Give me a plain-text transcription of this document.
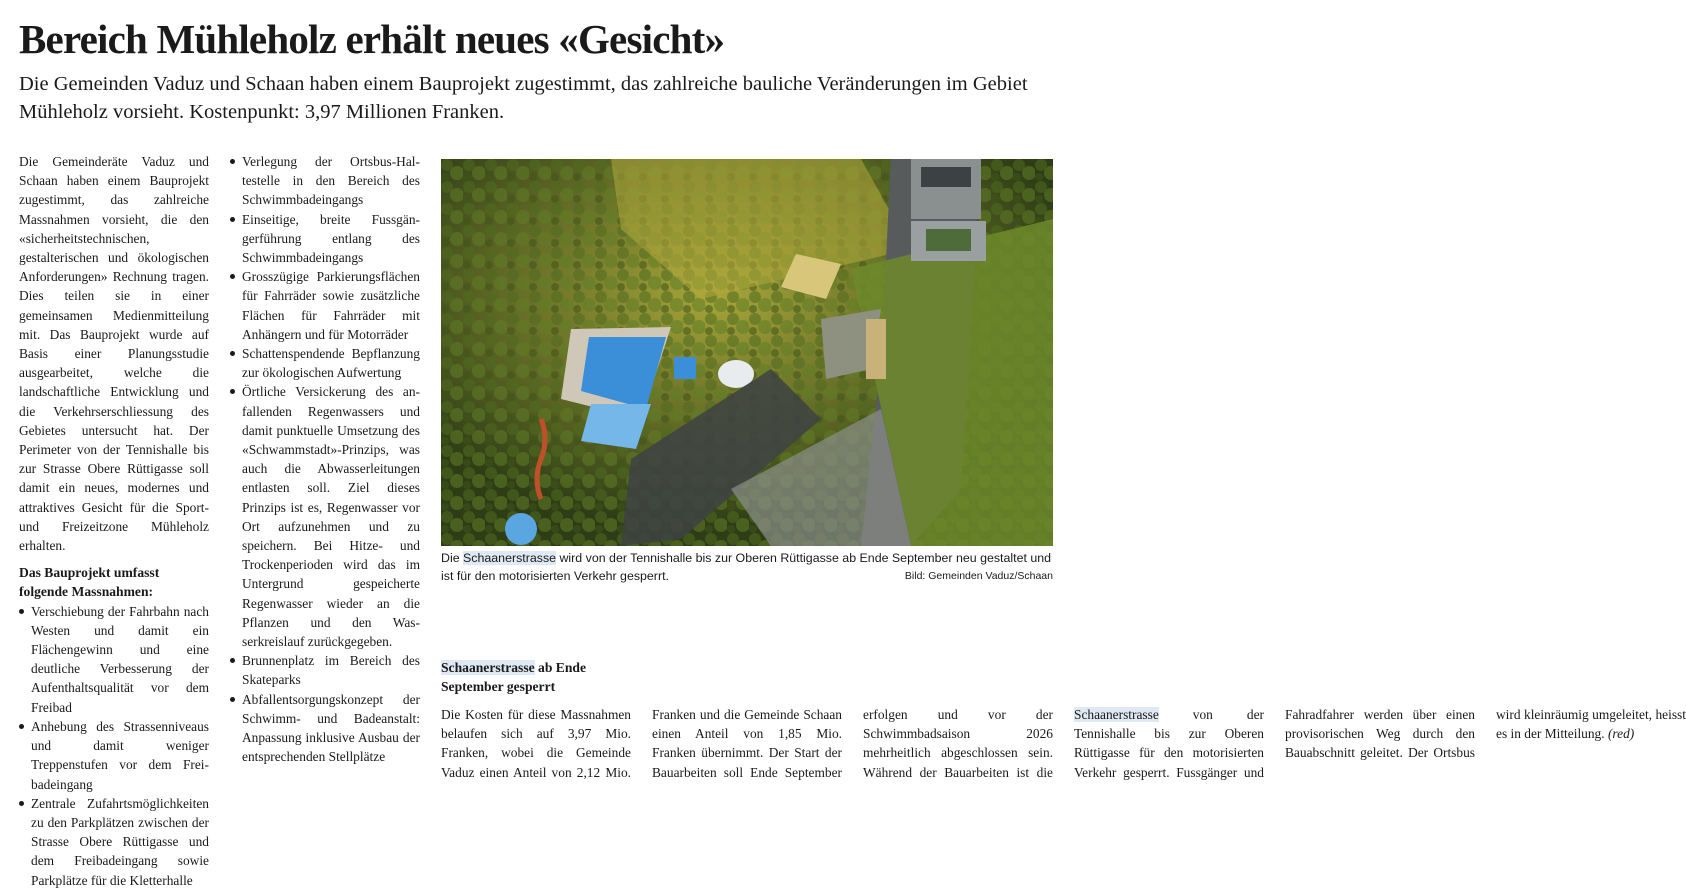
Bereich Mühleholz erhält neues «Gesicht»
Die Gemeinden Vaduz und Schaan haben einem Bauprojekt zugestimmt, das zahlreiche bauliche Veränderungen im Gebiet Mühleholz vorsieht. Kostenpunkt: 3,97 Millionen Franken.

Die Gemeinderäte Vaduz und Schaan haben einem Bauprojekt zugestimmt, das zahlreiche Massnahmen vorsieht, die den «sicherheitstechnischen, gestalterischen und ökologischen Anforderungen» Rechnung tragen. Dies teilen sie in einer gemeinsamen Medienmitteilung mit. Das Bauprojekt wurde auf Basis einer Planungsstudie ausgearbeitet, welche die landschaftliche Entwicklung und die Verkehrserschliessung des Gebietes untersucht hat. Der Perimeter von der Tennishalle bis zur Strasse Obere Rüttigasse soll damit ein neues, modernes und attraktives Gesicht für die Sport- und Freizeitzone Mühleholz erhalten.

Das Bauprojekt umfasst folgende Massnahmen:

Verschiebung der Fahrbahn nach Westen und damit ein Flächengewinn und eine deutliche Verbesserung der Aufenthaltsqualität vor dem Freibad
Anhebung des Strassenniveaus und damit weniger Treppenstufen vor dem Freibadeingang
Zentrale Zufahrtsmöglichkeiten zu den Parkplätzen zwischen der Strasse Obere Rüttigasse und dem Freibadeingang sowie Parkplätze für die Kletterhalle
Verlegung der Ortsbus-Haltestelle in den Bereich des Schwimmbadeingangs
Einseitige, breite Fussgängerführung entlang des Schwimmbadeingangs
Grosszügige Parkierungsflächen für Fahrräder sowie zusätzliche Flächen für Fahrräder mit Anhängern und für Motorräder
Schattenspendende Bepflanzung zur ökologischen Aufwertung
Örtliche Versickerung des anfallenden Regenwassers und damit punktuelle Umsetzung des «Schwammstadt»-Prinzips, was auch die Abwasserleitungen entlasten soll. Ziel dieses Prinzips ist es, Regenwasser vor Ort aufzunehmen und zu speichern. Bei Hitze- und Trockenperioden wird das im Untergrund gespeicherte Regenwasser wieder an die Pflanzen und den Wasserkreislauf zurückgegeben.
Brunnenplatz im Bereich des Skateparks
Abfallentsorgungskonzept der Schwimm- und Badeanstalt: Anpassung inklusive Ausbau der entsprechenden Stellplätze

Schaanerstrasse ab Ende September gesperrt

Die Kosten für diese Massnahmen belaufen sich auf 3,97 Mio. Franken, wobei die Gemeinde Vaduz einen Anteil von 2,12 Mio. Franken und die Gemeinde Schaan einen Anteil von 1,85 Mio. Franken übernimmt. Der Start der Bauarbeiten soll Ende September erfolgen und vor der Schwimmbadsaison 2026 mehrheitlich abgeschlossen sein. Während der Bauarbeiten ist die Schaanerstrasse von der Tennishalle bis zur Oberen Rüttigasse für den motorisierten Verkehr gesperrt. Fussgänger und Fahradfahrer werden über einen provisorischen Weg durch den Bauabschnitt geleitet. Der Ortsbus wird kleinräumig umgeleitet, heisst es in der Mitteilung. (red)

Die Schaanerstrasse wird von der Tennishalle bis zur Oberen Rüttigasse ab Ende September neu gestaltet und ist für den motorisierten Verkehr gesperrt.	Bild: Gemeinden Vaduz/Schaan
